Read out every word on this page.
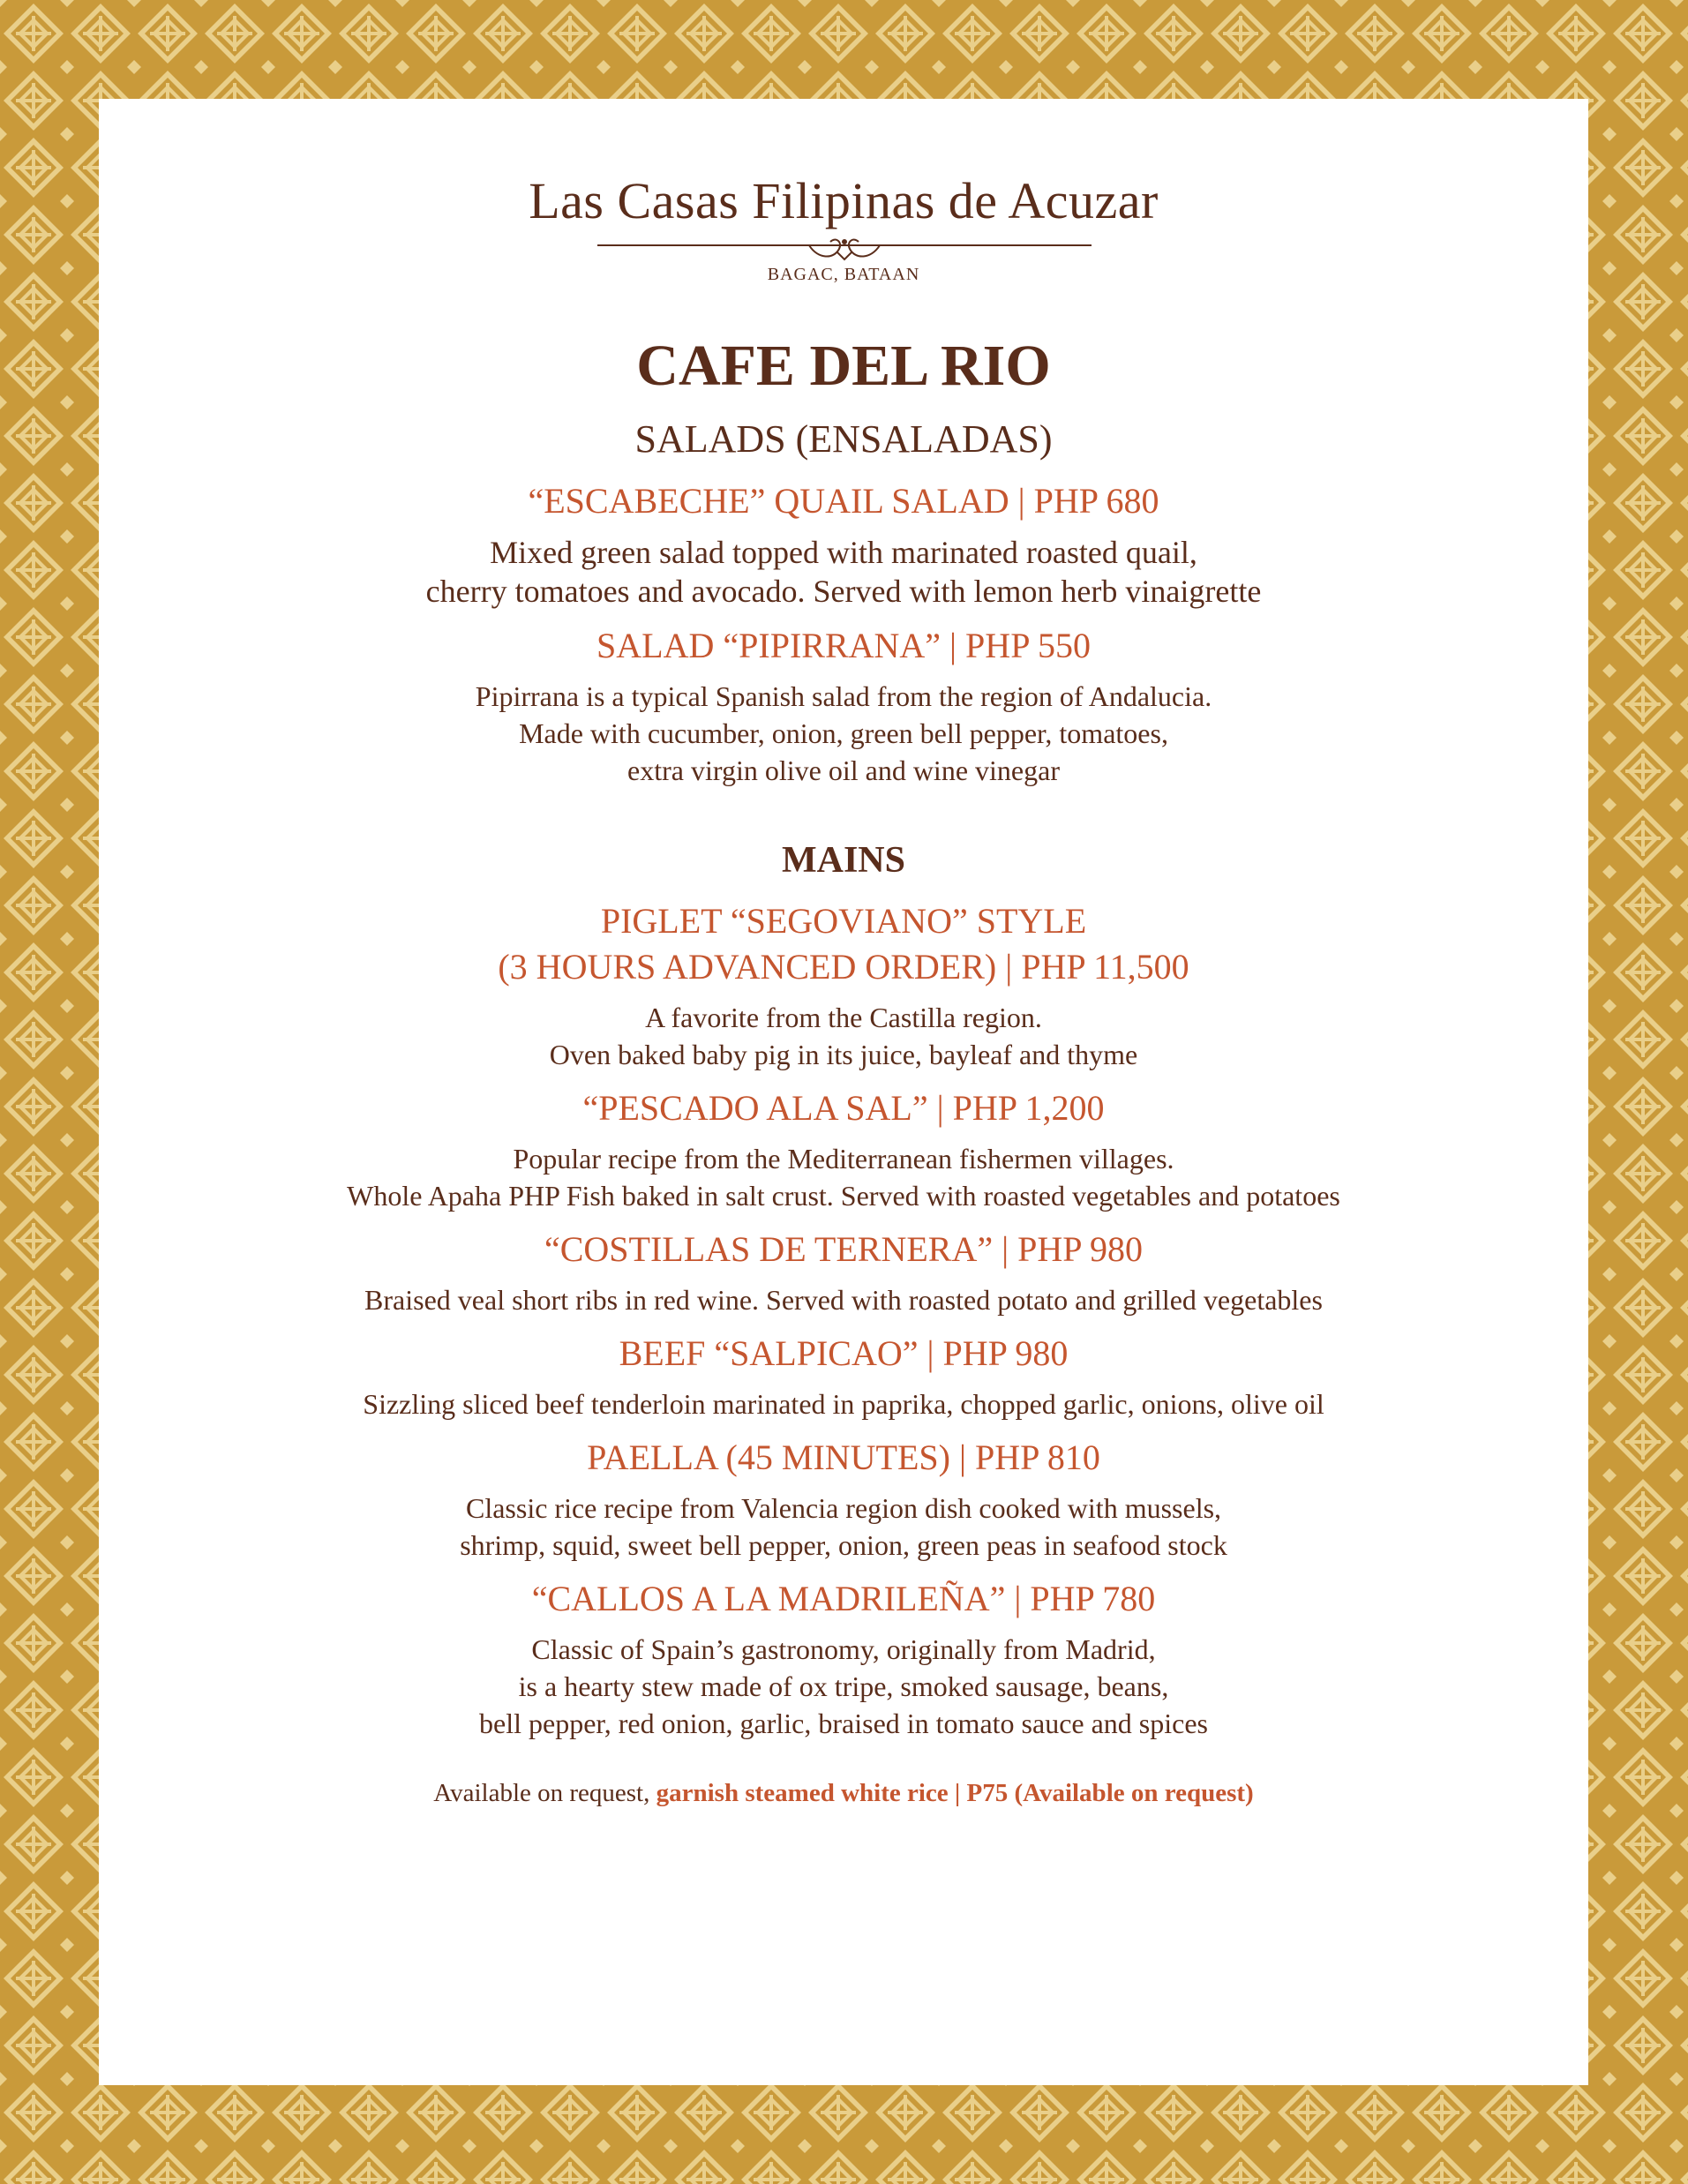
Las Casas Filipinas de Acuzar
BAGAC, BATAAN
CAFE DEL RIO
SALADS (ENSALADAS)
“ESCABECHE” QUAIL SALAD | PHP 680
Mixed green salad topped with marinated roasted quail,
cherry tomatoes and avocado. Served with lemon herb vinaigrette
SALAD “PIPIRRANA” | PHP 550
Pipirrana is a typical Spanish salad from the region of Andalucia.
Made with cucumber, onion, green bell pepper, tomatoes,
extra virgin olive oil and wine vinegar
MAINS
PIGLET “SEGOVIANO” STYLE
(3 HOURS ADVANCED ORDER) | PHP 11,500
A favorite from the Castilla region.
Oven baked baby pig in its juice, bayleaf and thyme
“PESCADO ALA SAL” | PHP 1,200
Popular recipe from the Mediterranean fishermen villages.
Whole Apaha PHP Fish baked in salt crust. Served with roasted vegetables and potatoes
“COSTILLAS DE TERNERA” | PHP 980
Braised veal short ribs in red wine. Served with roasted potato and grilled vegetables
BEEF “SALPICAO” | PHP 980
Sizzling sliced beef tenderloin marinated in paprika, chopped garlic, onions, olive oil
PAELLA (45 MINUTES) | PHP 810
Classic rice recipe from Valencia region dish cooked with mussels,
shrimp, squid, sweet bell pepper, onion, green peas in seafood stock
“CALLOS A LA MADRILEÑA” | PHP 780
Classic of Spain’s gastronomy, originally from Madrid,
is a hearty stew made of ox tripe, smoked sausage, beans,
bell pepper, red onion, garlic, braised in tomato sauce and spices
Available on request, garnish steamed white rice | P75 (Available on request)
